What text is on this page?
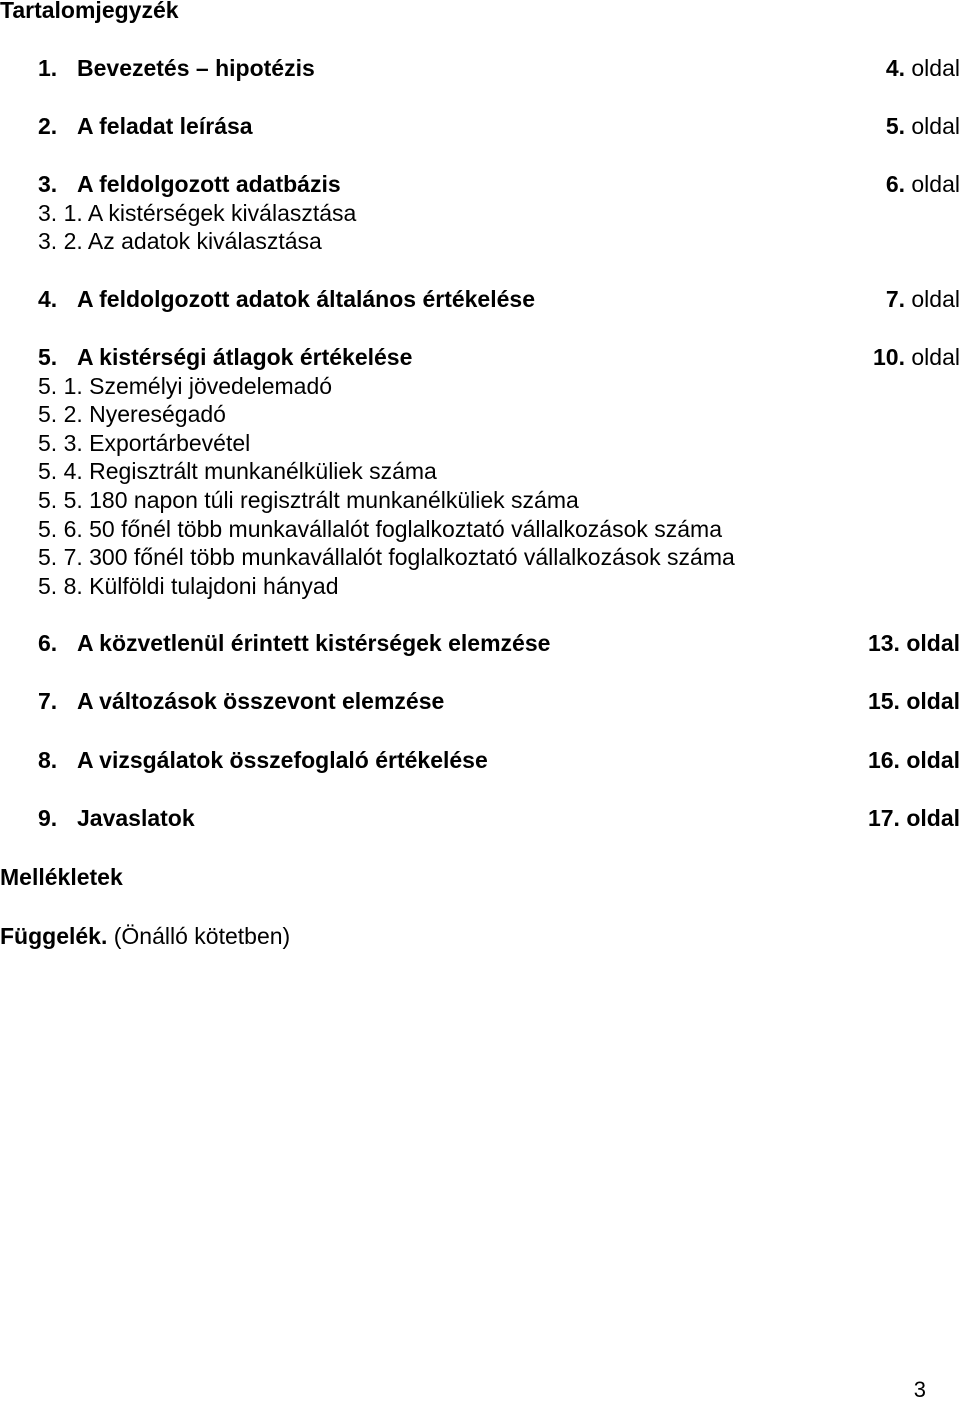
Tartalomjegyzék
1. Bevezetés – hipotézis	4. oldal
2. A feladat leírása	5. oldal
3. A feldolgozott adatbázis	6. oldal
3. 1. A kistérségek kiválasztása
3. 2. Az adatok kiválasztása
4. A feldolgozott adatok általános értékelése	7. oldal
5. A kistérségi átlagok értékelése	10. oldal
5. 1. Személyi jövedelemadó
5. 2. Nyereségadó
5. 3. Exportárbevétel
5. 4. Regisztrált munkanélküliek száma
5. 5. 180 napon túli regisztrált munkanélküliek száma
5. 6. 50 főnél több munkavállalót foglalkoztató vállalkozások száma
5. 7. 300 főnél több munkavállalót foglalkoztató vállalkozások száma
5. 8. Külföldi tulajdoni hányad
6. A közvetlenül érintett kistérségek elemzése	13. oldal
7. A változások összevont elemzése	15. oldal
8. A vizsgálatok összefoglaló értékelése	16. oldal
9. Javaslatok	17. oldal
Mellékletek
Függelék. (Önálló kötetben)
3
